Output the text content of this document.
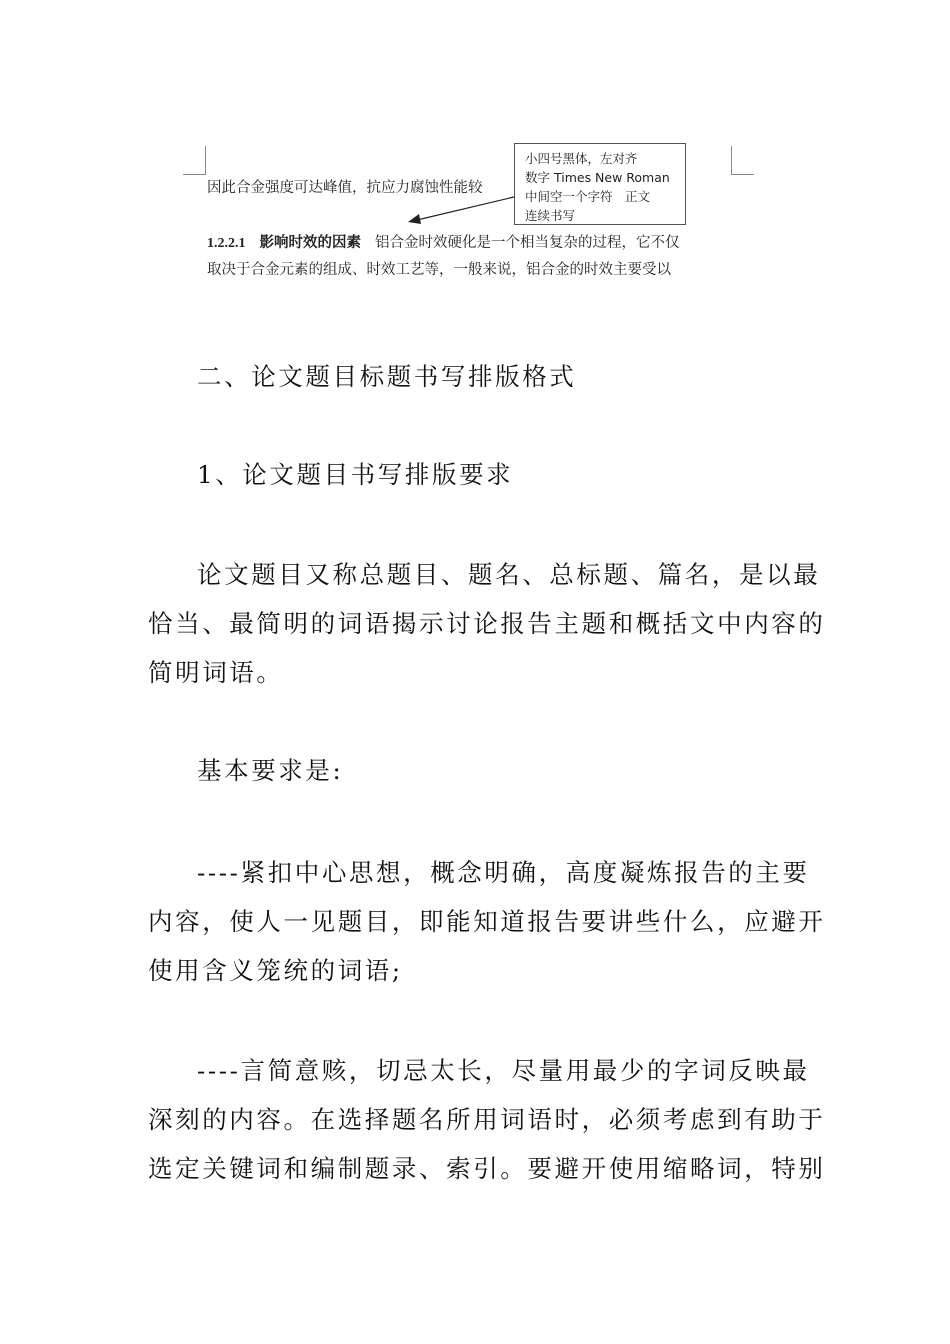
因此合金强度可达峰值，抗应力腐蚀性能较
1.2.2.1 影响时效的因素 铝合金时效硬化是一个相当复杂的过程，它不仅
取决于合金元素的组成、时效工艺等，一般来说，铝合金的时效主要受以
小四号黑体，左对齐
数字 Times New Roman
中间空一个字符　正文
连续书写
二、论文题目标题书写排版格式
1、论文题目书写排版要求
论文题目又称总题目、题名、总标题、篇名，是以最
恰当、最简明的词语揭示讨论报告主题和概括文中内容的
简明词语。
基本要求是:
----紧扣中心思想，概念明确，高度凝炼报告的主要
内容，使人一见题目，即能知道报告要讲些什么，应避开
使用含义笼统的词语;
----言简意赅，切忌太长，尽量用最少的字词反映最
深刻的内容。在选择题名所用词语时，必须考虑到有助于
选定关键词和编制题录、索引。要避开使用缩略词，特别
